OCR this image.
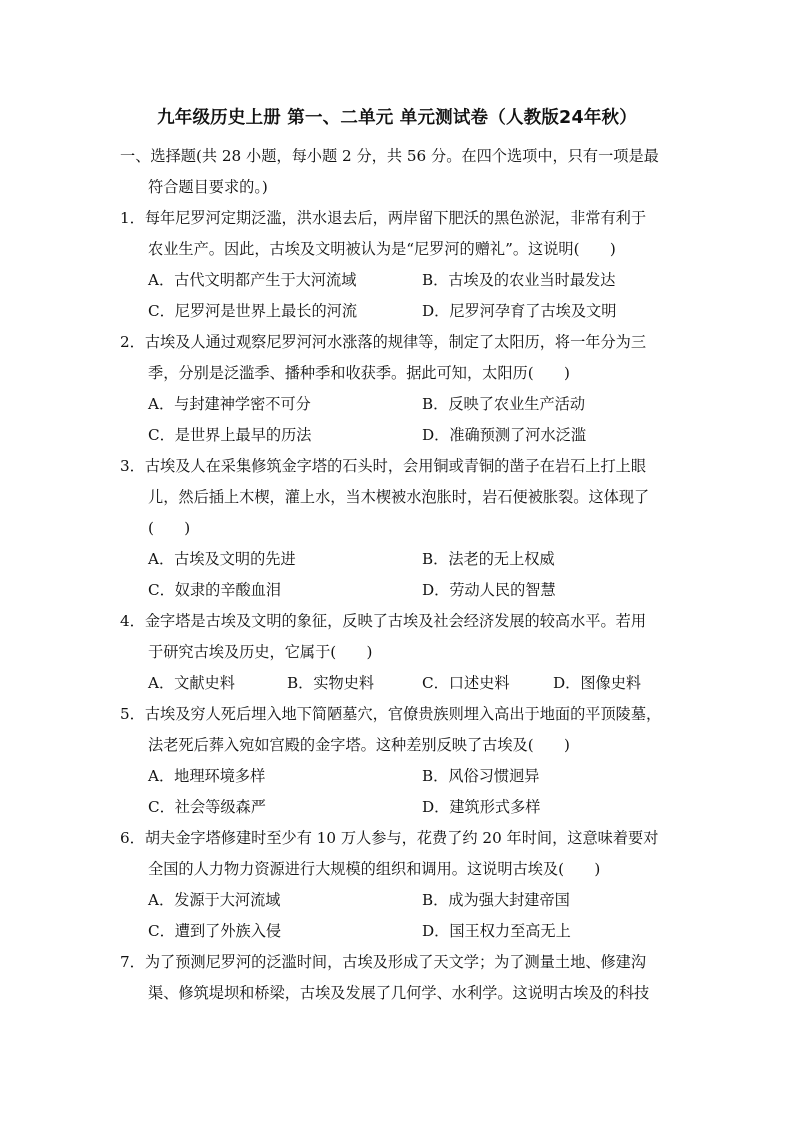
九年级历史上册 第一、二单元 单元测试卷（人教版24年秋）
一、选择题(共 28 小题，每小题 2 分，共 56 分。在四个选项中，只有一项是最
符合题目要求的。)
1．每年尼罗河定期泛滥，洪水退去后，两岸留下肥沃的黑色淤泥，非常有利于
农业生产。因此，古埃及文明被认为是“尼罗河的赠礼”。这说明(　　)
A．古代文明都产生于大河流域	B．古埃及的农业当时最发达
C．尼罗河是世界上最长的河流	D．尼罗河孕育了古埃及文明
2．古埃及人通过观察尼罗河河水涨落的规律等，制定了太阳历，将一年分为三
季，分别是泛滥季、播种季和收获季。据此可知，太阳历(　　)
A．与封建神学密不可分	B．反映了农业生产活动
C．是世界上最早的历法	D．准确预测了河水泛滥
3．古埃及人在采集修筑金字塔的石头时，会用铜或青铜的凿子在岩石上打上眼
儿，然后插上木楔，灌上水，当木楔被水泡胀时，岩石便被胀裂。这体现了
(　　)
A．古埃及文明的先进	B．法老的无上权威
C．奴隶的辛酸血泪	D．劳动人民的智慧
4．金字塔是古埃及文明的象征，反映了古埃及社会经济发展的较高水平。若用
于研究古埃及历史，它属于(　　)
A．文献史料	B．实物史料	C．口述史料	D．图像史料
5．古埃及穷人死后埋入地下简陋墓穴，官僚贵族则埋入高出于地面的平顶陵墓，
法老死后葬入宛如宫殿的金字塔。这种差别反映了古埃及(　　)
A．地理环境多样	B．风俗习惯迥异
C．社会等级森严	D．建筑形式多样
6．胡夫金字塔修建时至少有 10 万人参与，花费了约 20 年时间，这意味着要对
全国的人力物力资源进行大规模的组织和调用。这说明古埃及(　　)
A．发源于大河流域	B．成为强大封建帝国
C．遭到了外族入侵	D．国王权力至高无上
7．为了预测尼罗河的泛滥时间，古埃及形成了天文学；为了测量土地、修建沟
渠、修筑堤坝和桥梁，古埃及发展了几何学、水利学。这说明古埃及的科技
